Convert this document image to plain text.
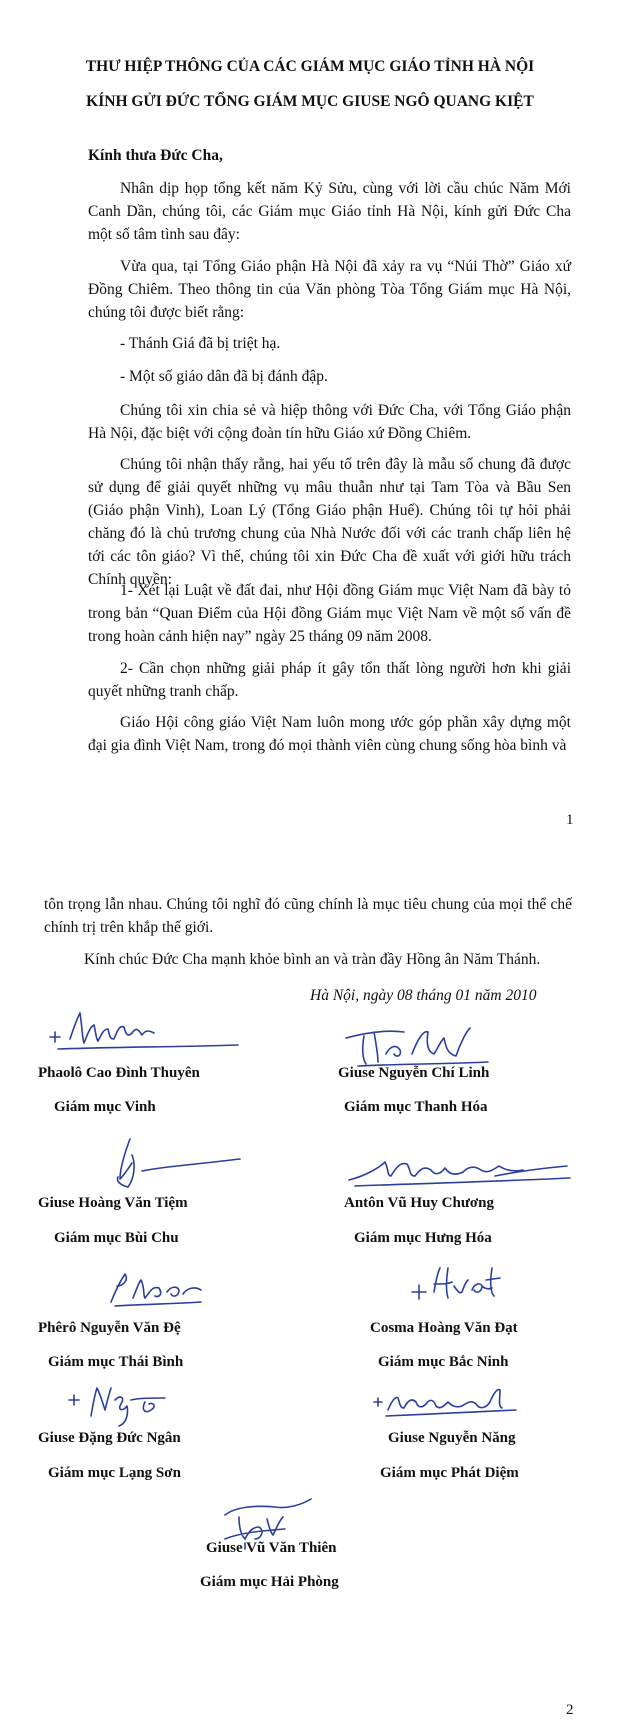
THƯ HIỆP THÔNG CỦA CÁC GIÁM MỤC GIÁO TỈNH HÀ NỘI
KÍNH GỬI ĐỨC TỔNG GIÁM MỤC GIUSE NGÔ QUANG KIỆT
Kính thưa Đức Cha,
Nhân dịp họp tổng kết năm Kỷ Sửu, cùng với lời cầu chúc Năm Mới Canh Dần, chúng tôi, các Giám mục Giáo tỉnh Hà Nội, kính gửi Đức Cha một số tâm tình sau đây:
Vừa qua, tại Tổng Giáo phận Hà Nội đã xảy ra vụ “Núi Thờ” Giáo xứ Đồng Chiêm. Theo thông tin của Văn phòng Tòa Tổng Giám mục Hà Nội, chúng tôi được biết rằng:
- Thánh Giá đã bị triệt hạ.
- Một số giáo dân đã bị đánh đập.
Chúng tôi xin chia sẻ và hiệp thông với Đức Cha, với Tổng Giáo phận Hà Nội, đặc biệt với cộng đoàn tín hữu Giáo xứ Đồng Chiêm.
Chúng tôi nhận thấy rằng, hai yếu tố trên đây là mẫu số chung đã được sử dụng để giải quyết những vụ mâu thuẫn như tại Tam Tòa và Bầu Sen (Giáo phận Vinh), Loan Lý (Tổng Giáo phận Huế). Chúng tôi tự hỏi phải chăng đó là chủ trương chung của Nhà Nước đối với các tranh chấp liên hệ tới các tôn giáo? Vì thế, chúng tôi xin Đức Cha đề xuất với giới hữu trách Chính quyền:
1- Xét lại Luật về đất đai, như Hội đồng Giám mục Việt Nam đã bày tỏ trong bản “Quan Điểm của Hội đồng Giám mục Việt Nam về một số vấn đề trong hoàn cảnh hiện nay” ngày 25 tháng 09 năm 2008.
2- Cần chọn những giải pháp ít gây tổn thất lòng người hơn khi giải quyết những tranh chấp.
Giáo Hội công giáo Việt Nam luôn mong ước góp phần xây dựng một đại gia đình Việt Nam, trong đó mọi thành viên cùng chung sống hòa bình và
1
tôn trọng lẫn nhau. Chúng tôi nghĩ đó cũng chính là mục tiêu chung của mọi thể chế chính trị trên khắp thế giới.
Kính chúc Đức Cha mạnh khỏe bình an và tràn đầy Hồng ân Năm Thánh.
Hà Nội, ngày 08 tháng 01 năm 2010
Phaolô Cao Đình Thuyên
Giám mục Vinh
Giuse Nguyễn Chí Linh
Giám mục Thanh Hóa
Giuse Hoàng Văn Tiệm
Giám mục Bùi Chu
Antôn Vũ Huy Chương
Giám mục Hưng Hóa
Phêrô Nguyễn Văn Đệ
Giám mục Thái Bình
Cosma Hoàng Văn Đạt
Giám mục Bắc Ninh
Giuse Đặng Đức Ngân
Giám mục Lạng Sơn
Giuse Nguyễn Năng
Giám mục Phát Diệm
Giuse Vũ Văn Thiên
Giám mục Hải Phòng
2
